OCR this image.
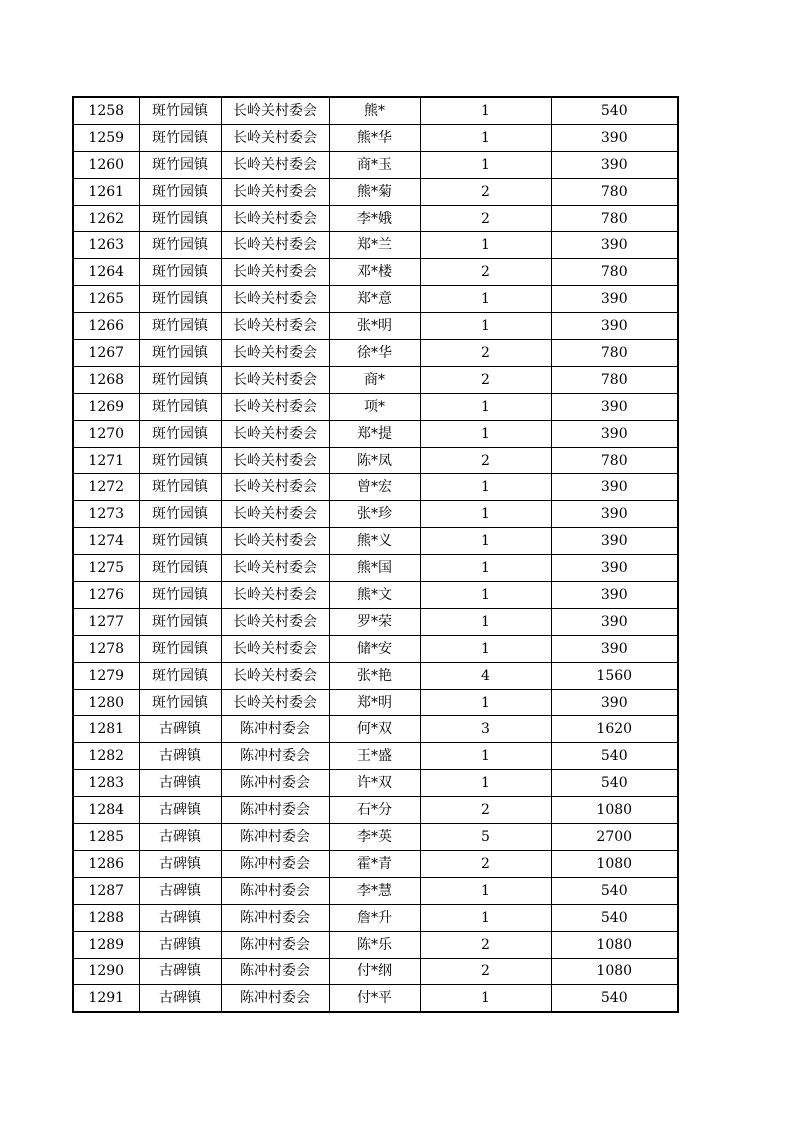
1258	斑竹园镇	长岭关村委会	熊*	1	540
1259	斑竹园镇	长岭关村委会	熊*华	1	390
1260	斑竹园镇	长岭关村委会	商*玉	1	390
1261	斑竹园镇	长岭关村委会	熊*菊	2	780
1262	斑竹园镇	长岭关村委会	李*娥	2	780
1263	斑竹园镇	长岭关村委会	郑*兰	1	390
1264	斑竹园镇	长岭关村委会	邓*楼	2	780
1265	斑竹园镇	长岭关村委会	郑*意	1	390
1266	斑竹园镇	长岭关村委会	张*明	1	390
1267	斑竹园镇	长岭关村委会	徐*华	2	780
1268	斑竹园镇	长岭关村委会	商*	2	780
1269	斑竹园镇	长岭关村委会	项*	1	390
1270	斑竹园镇	长岭关村委会	郑*提	1	390
1271	斑竹园镇	长岭关村委会	陈*凤	2	780
1272	斑竹园镇	长岭关村委会	曾*宏	1	390
1273	斑竹园镇	长岭关村委会	张*珍	1	390
1274	斑竹园镇	长岭关村委会	熊*义	1	390
1275	斑竹园镇	长岭关村委会	熊*国	1	390
1276	斑竹园镇	长岭关村委会	熊*文	1	390
1277	斑竹园镇	长岭关村委会	罗*荣	1	390
1278	斑竹园镇	长岭关村委会	储*安	1	390
1279	斑竹园镇	长岭关村委会	张*艳	4	1560
1280	斑竹园镇	长岭关村委会	郑*明	1	390
1281	古碑镇	陈冲村委会	何*双	3	1620
1282	古碑镇	陈冲村委会	王*盛	1	540
1283	古碑镇	陈冲村委会	许*双	1	540
1284	古碑镇	陈冲村委会	石*分	2	1080
1285	古碑镇	陈冲村委会	李*英	5	2700
1286	古碑镇	陈冲村委会	霍*青	2	1080
1287	古碑镇	陈冲村委会	李*慧	1	540
1288	古碑镇	陈冲村委会	詹*升	1	540
1289	古碑镇	陈冲村委会	陈*乐	2	1080
1290	古碑镇	陈冲村委会	付*纲	2	1080
1291	古碑镇	陈冲村委会	付*平	1	540
